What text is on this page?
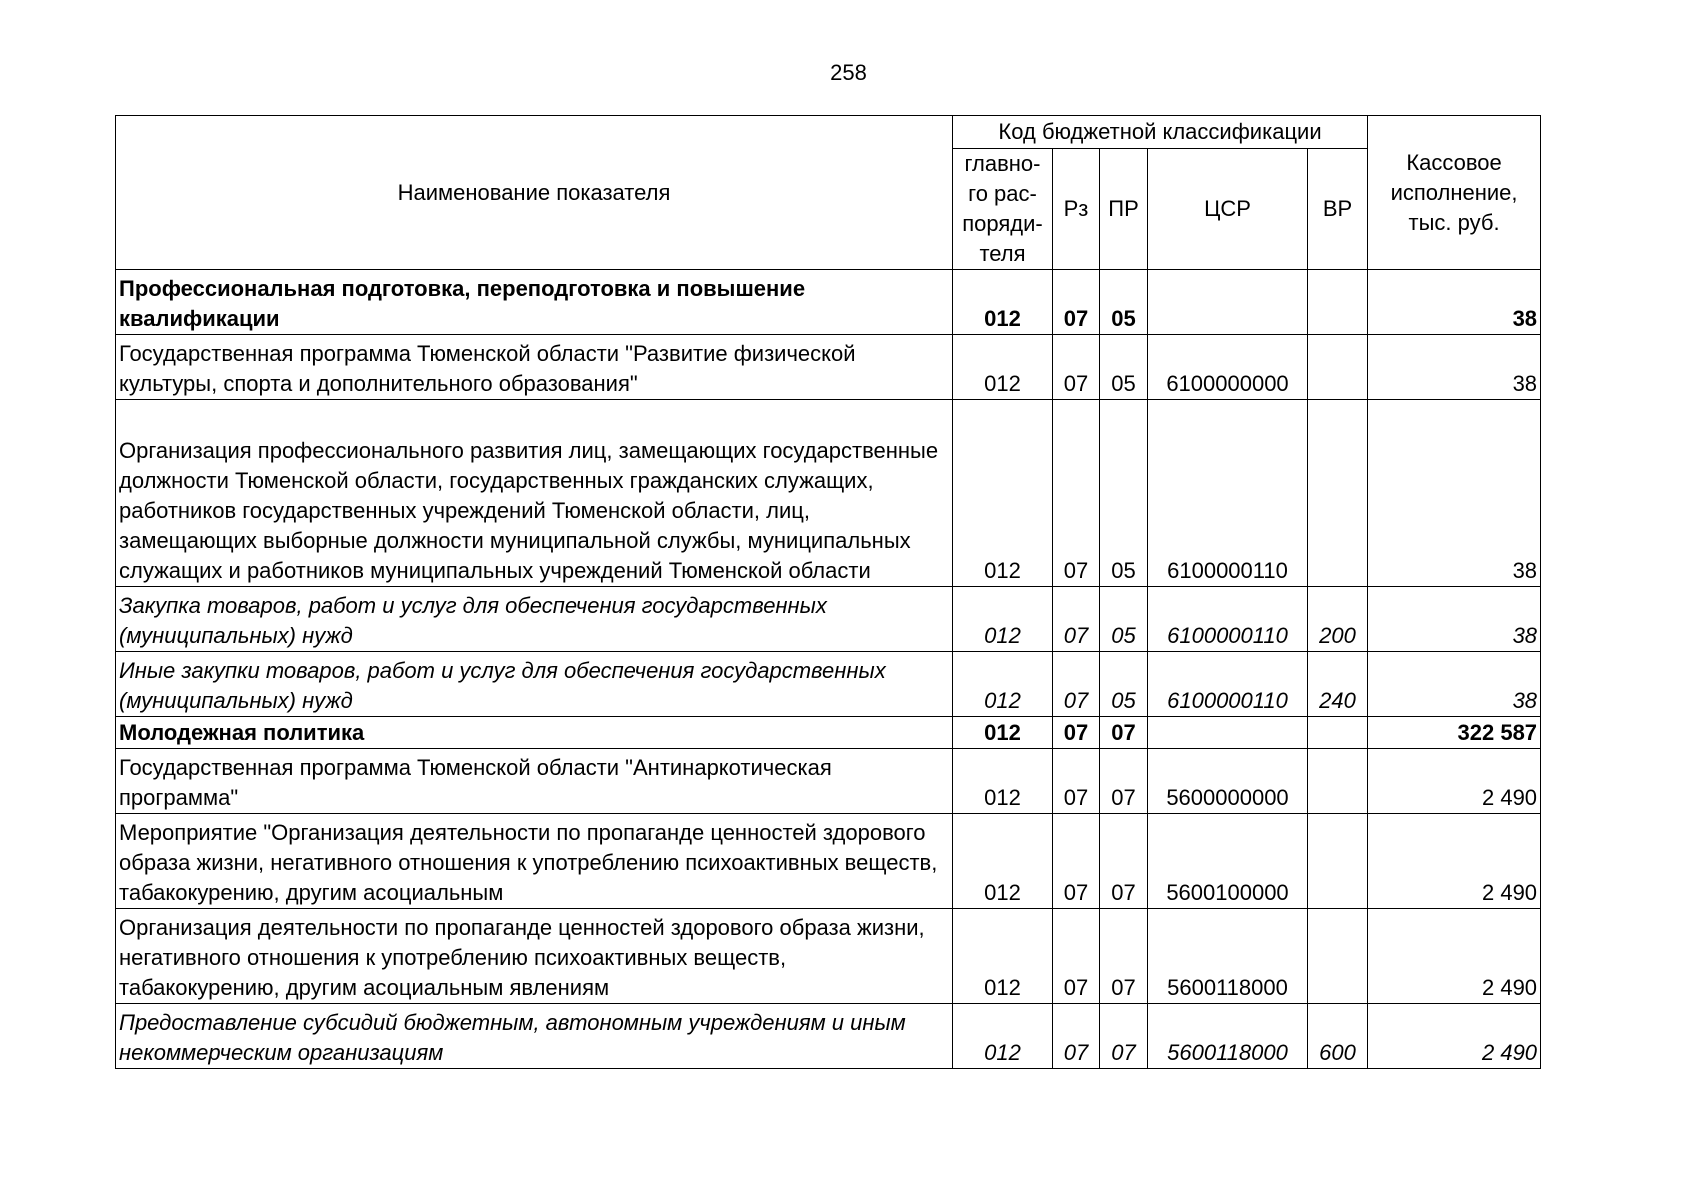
258
Наименование показателя	Код бюджетной классификации					Кассовое
исполнение,
тыс. руб.

	главно-
го рас-
поряди-
теля	Рз	ПР	ЦСР	ВР	
Профессиональная подготовка, переподготовка и повышение квалификации	012	07	05			38
Государственная программа Тюменской области "Развитие физической культуры, спорта и дополнительного образования"	012	07	05	6100000000		38
Организация профессионального развития лиц, замещающих государственные должности Тюменской области, государственных гражданских служащих, работников государственных учреждений Тюменской области, лиц, замещающих выборные должности муниципальной службы, муниципальных служащих и работников муниципальных учреждений Тюменской области	012	07	05	6100000110		38
Закупка товаров, работ и услуг для обеспечения государственных (муниципальных) нужд	012	07	05	6100000110	200	38
Иные закупки товаров, работ и услуг для обеспечения государственных (муниципальных) нужд	012	07	05	6100000110	240	38
Молодежная политика	012	07	07			322 587
Государственная программа Тюменской области "Антинаркотическая программа"	012	07	07	5600000000		2 490
Мероприятие "Организация деятельности по пропаганде ценностей здорового образа жизни, негативного отношения к употреблению психоактивных веществ, табакокурению, другим асоциальным	012	07	07	5600100000		2 490
Организация деятельности по пропаганде ценностей здорового образа жизни, негативного отношения к употреблению психоактивных веществ, табакокурению, другим асоциальным явлениям	012	07	07	5600118000		2 490
Предоставление субсидий бюджетным, автономным учреждениям и иным некоммерческим организациям	012	07	07	5600118000	600	2 490
